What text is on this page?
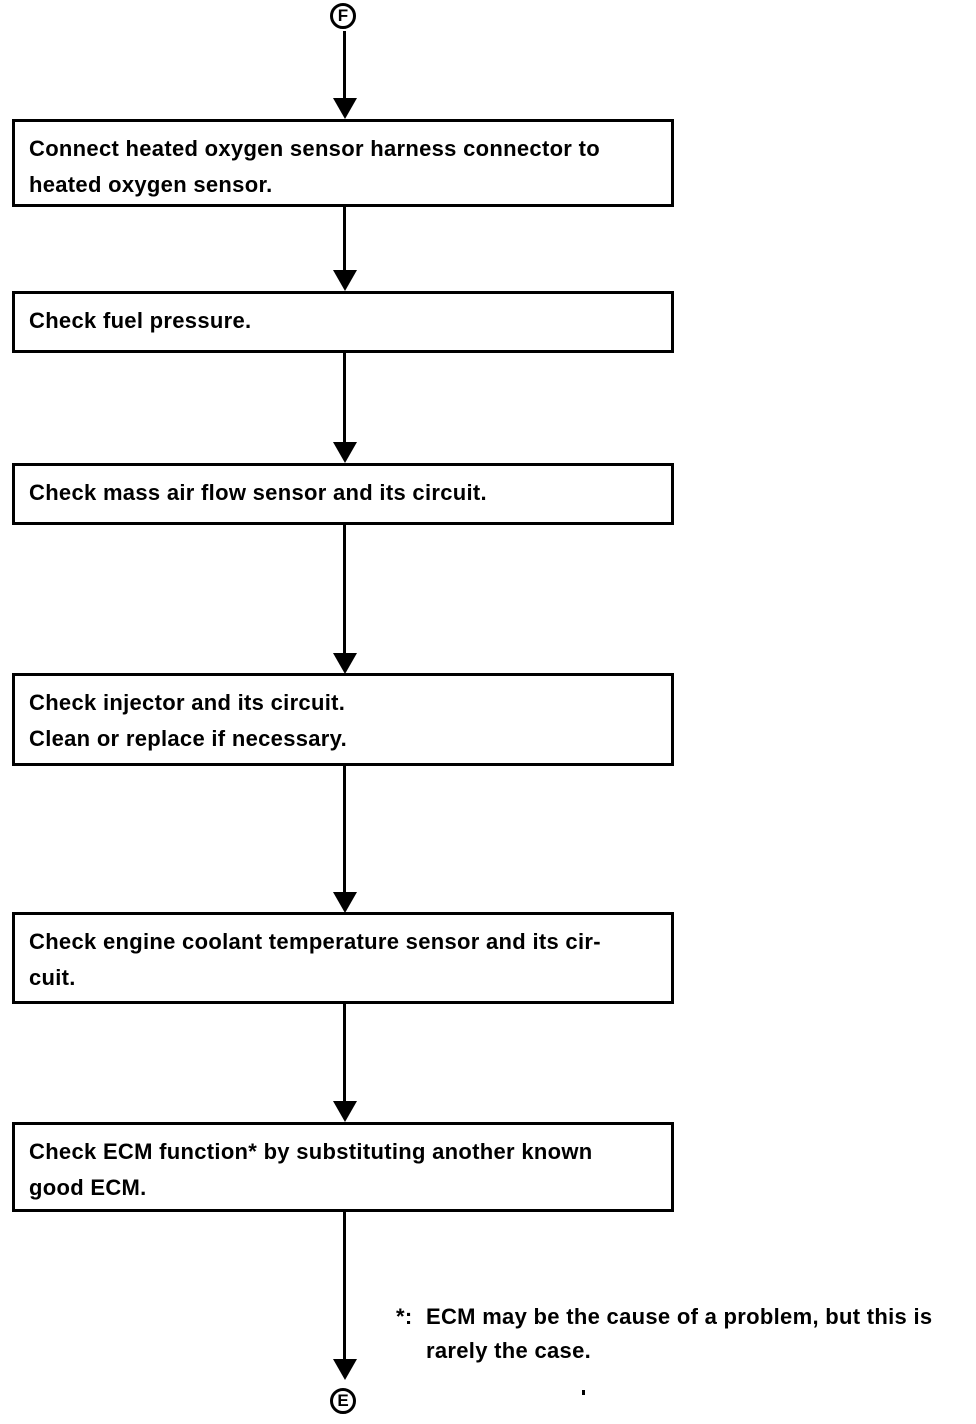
F
Connect heated oxygen sensor harness connector to
heated oxygen sensor.
Check fuel pressure.
Check mass air flow sensor and its circuit.
Check injector and its circuit.
Clean or replace if necessary.
Check engine coolant temperature sensor and its cir-
cuit.
Check ECM function* by substituting another known
good ECM.
E
*: ECM may be the cause of a problem, but this is
rarely the case.
